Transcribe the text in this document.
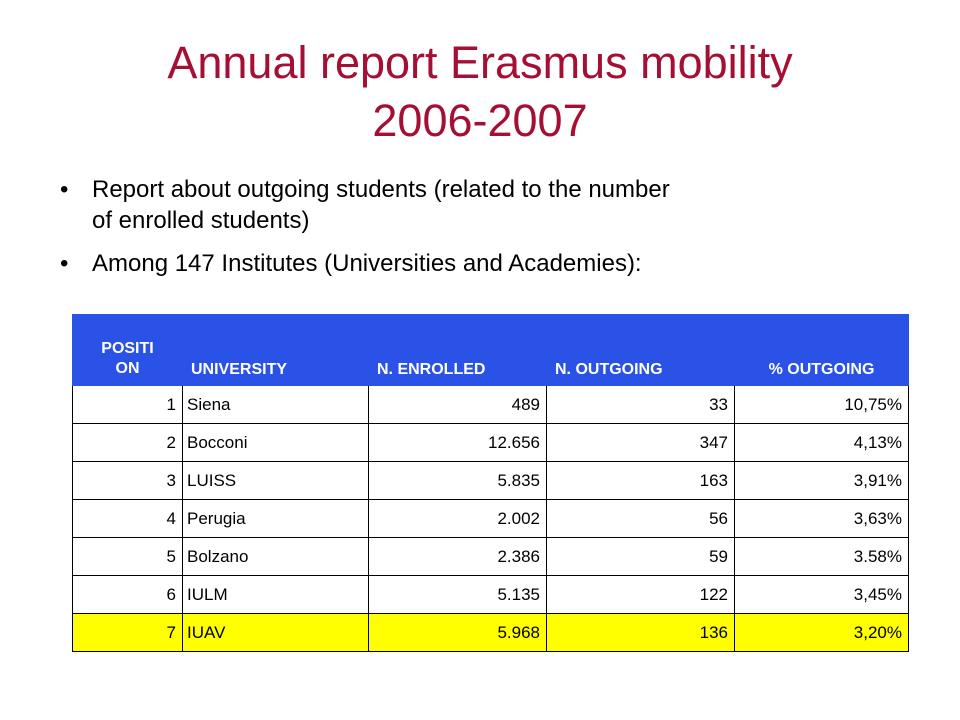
Annual report Erasmus mobility
2006-2007
• Report about outgoing students (related to the number
of enrolled students)
• Among 147 Institutes (Universities and Academies):
POSITI
ON	UNIVERSITY	N. ENROLLED	N. OUTGOING	% OUTGOING
1	Siena	489	33	10,75%
2	Bocconi	12.656	347	4,13%
3	LUISS	5.835	163	3,91%
4	Perugia	2.002	56	3,63%
5	Bolzano	2.386	59	3.58%
6	IULM	5.135	122	3,45%
7	IUAV	5.968	136	3,20%
